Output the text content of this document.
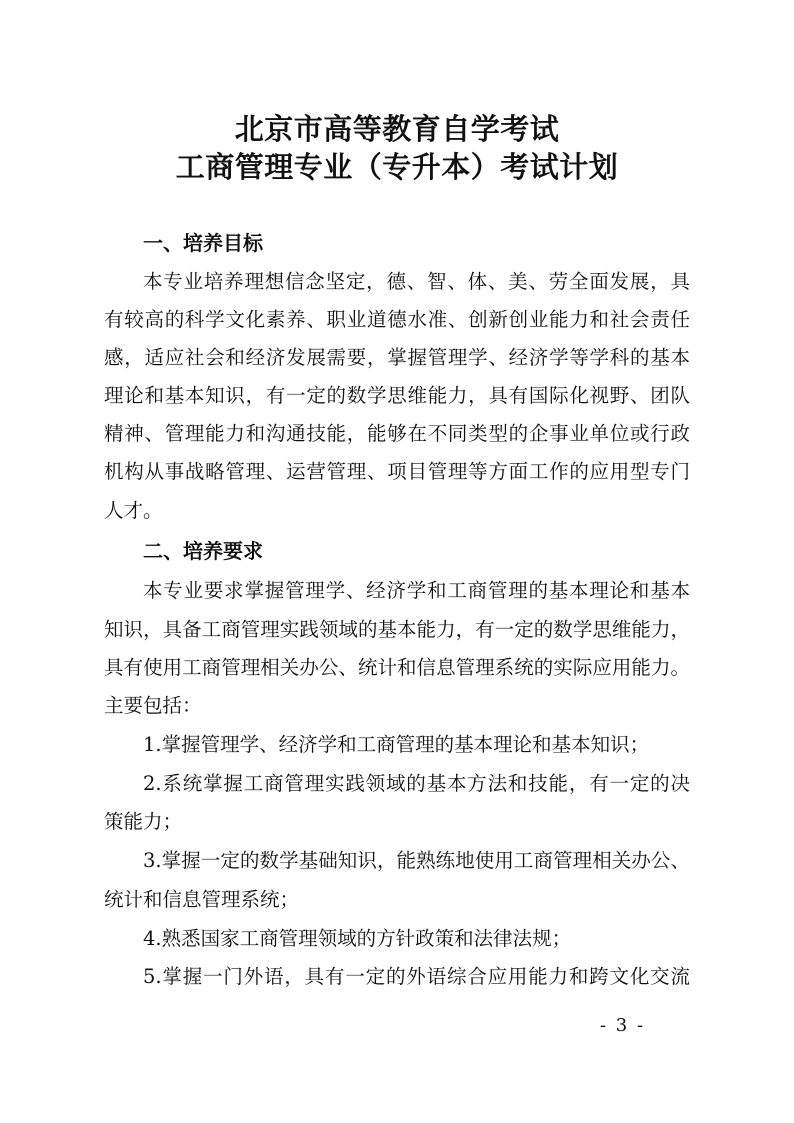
北京市高等教育自学考试
工商管理专业（专升本）考试计划
一、培养目标
本专业培养理想信念坚定，德、智、体、美、劳全面发展，具
有较高的科学文化素养、职业道德水准、创新创业能力和社会责任
感，适应社会和经济发展需要，掌握管理学、经济学等学科的基本
理论和基本知识，有一定的数学思维能力，具有国际化视野、团队
精神、管理能力和沟通技能，能够在不同类型的企事业单位或行政
机构从事战略管理、运营管理、项目管理等方面工作的应用型专门
人才。
二、培养要求
本专业要求掌握管理学、经济学和工商管理的基本理论和基本
知识，具备工商管理实践领域的基本能力，有一定的数学思维能力，
具有使用工商管理相关办公、统计和信息管理系统的实际应用能力。
主要包括：
1.掌握管理学、经济学和工商管理的基本理论和基本知识；
2.系统掌握工商管理实践领域的基本方法和技能，有一定的决
策能力；
3.掌握一定的数学基础知识，能熟练地使用工商管理相关办公、
统计和信息管理系统；
4.熟悉国家工商管理领域的方针政策和法律法规；
5.掌握一门外语，具有一定的外语综合应用能力和跨文化交流
- 3 -
